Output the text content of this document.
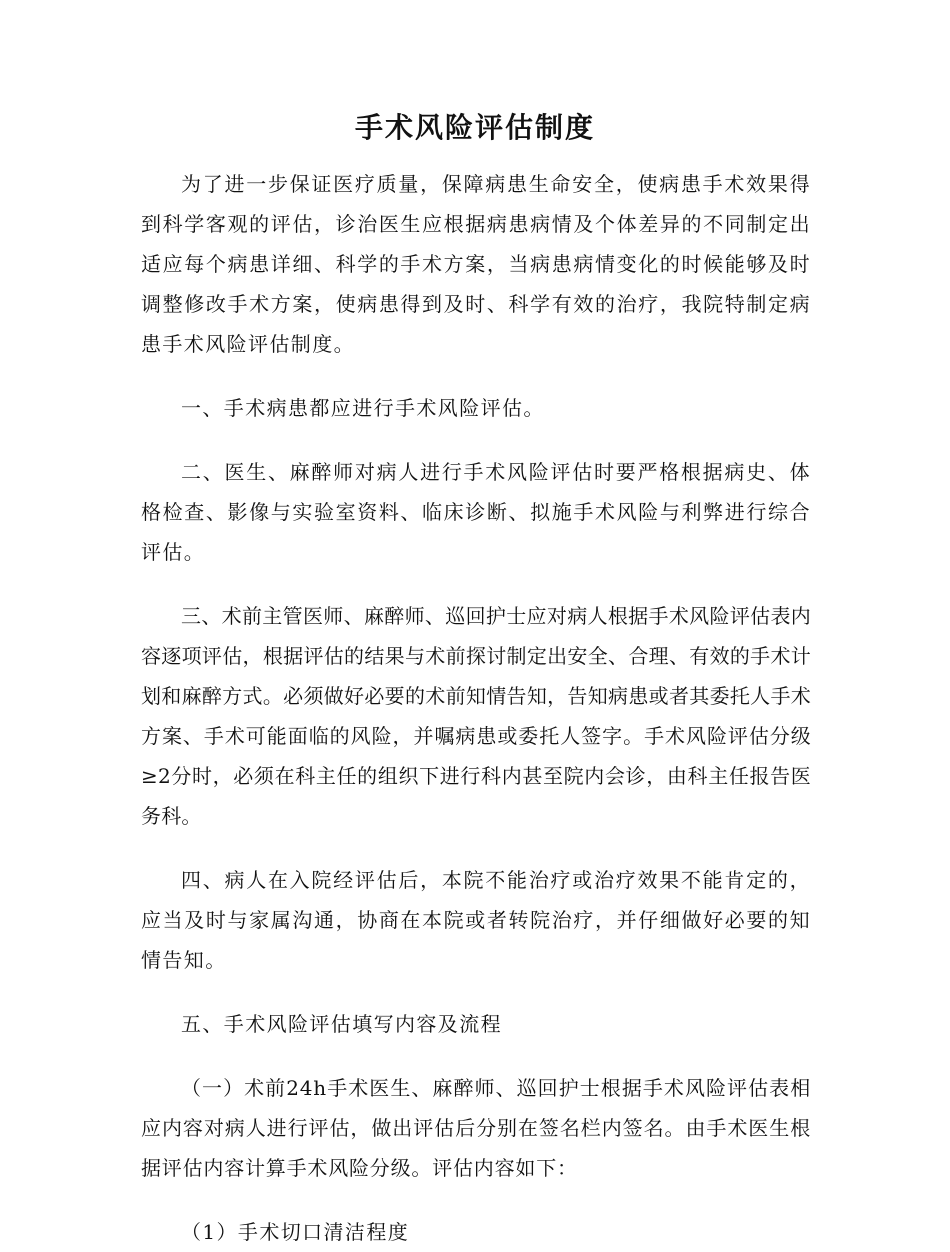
手术风险评估制度

为了进一步保证医疗质量，保障病患生命安全，使病患手术效果得到科学客观的评估，诊治医生应根据病患病情及个体差异的不同制定出适应每个病患详细、科学的手术方案，当病患病情变化的时候能够及时调整修改手术方案，使病患得到及时、科学有效的治疗，我院特制定病患手术风险评估制度。

一、手术病患都应进行手术风险评估。

二、医生、麻醉师对病人进行手术风险评估时要严格根据病史、体格检查、影像与实验室资料、临床诊断、拟施手术风险与利弊进行综合评估。

三、术前主管医师、麻醉师、巡回护士应对病人根据手术风险评估表内容逐项评估，根据评估的结果与术前探讨制定出安全、合理、有效的手术计划和麻醉方式。必须做好必要的术前知情告知，告知病患或者其委托人手术方案、手术可能面临的风险，并嘱病患或委托人签字。手术风险评估分级≥2分时，必须在科主任的组织下进行科内甚至院内会诊，由科主任报告医务科。

四、病人在入院经评估后，本院不能治疗或治疗效果不能肯定的，应当及时与家属沟通，协商在本院或者转院治疗，并仔细做好必要的知情告知。

五、手术风险评估填写内容及流程

（一）术前24h手术医生、麻醉师、巡回护士根据手术风险评估表相应内容对病人进行评估，做出评估后分别在签名栏内签名。由手术医生根据评估内容计算手术风险分级。评估内容如下：

（1）手术切口清洁程度
